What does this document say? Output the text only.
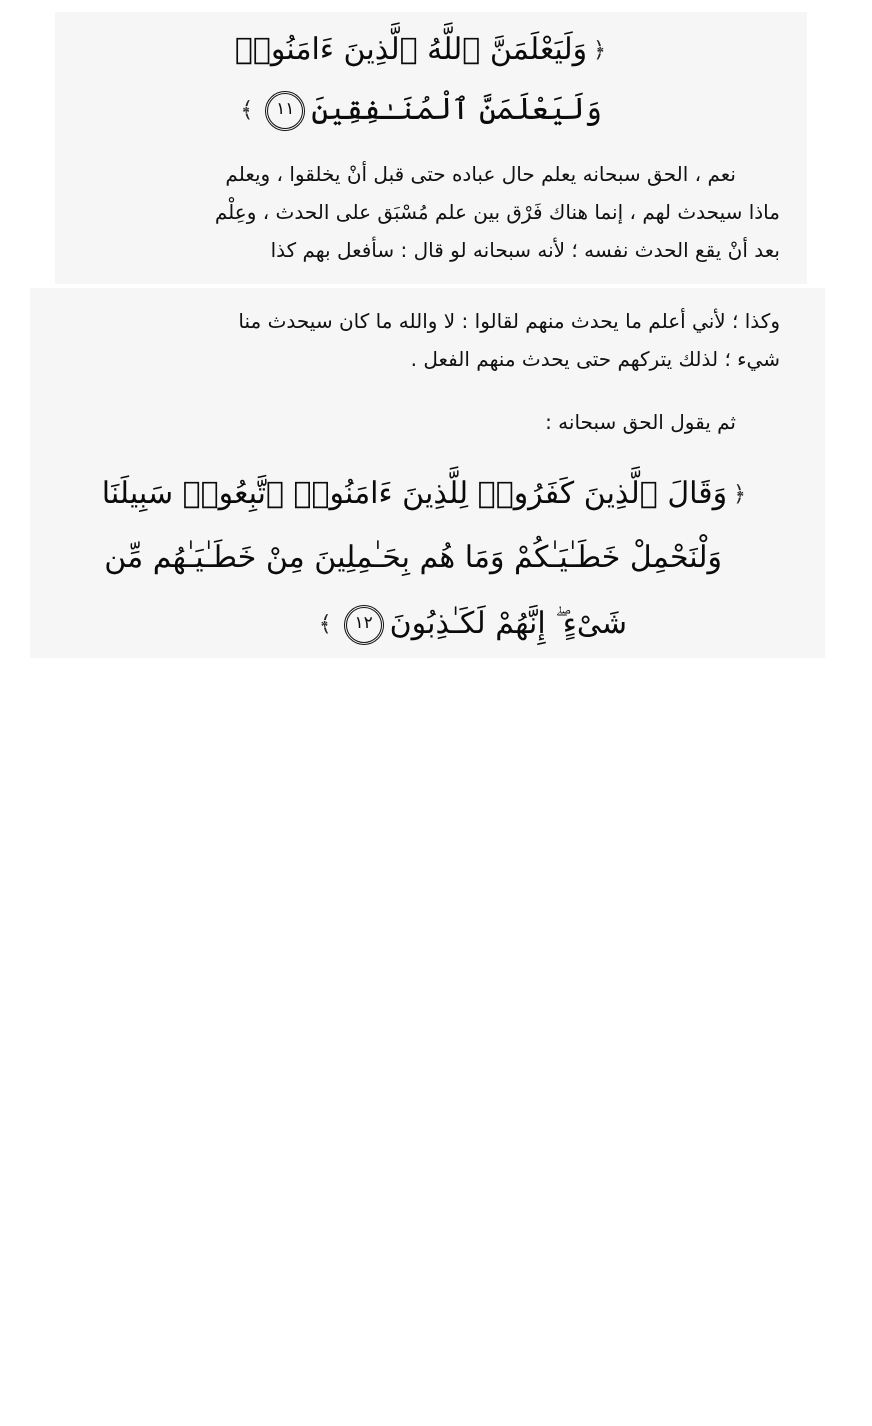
﴿وَلَيَعْلَمَنَّ ٱللَّهُ ٱلَّذِينَ ءَامَنُوا۟
وَلَيَعْلَمَنَّ ٱلْمُنَـٰفِقِينَ١١﴾
نعم ، الحق سبحانه يعلم حال عباده حتى قبل أنْ يخلقوا ، ويعلم
ماذا سيحدث لهم ، إنما هناك فَرْق بين علم مُسْبَق على الحدث ، وعِلْم
بعد أنْ يقع الحدث نفسه ؛ لأنه سبحانه لو قال : سأفعل بهم كذا
وكذا ؛ لأني أعلم ما يحدث منهم لقالوا : لا والله ما كان سيحدث منا
شيء ؛ لذلك يتركهم حتى يحدث منهم الفعل .
ثم يقول الحق سبحانه :
﴿وَقَالَ ٱلَّذِينَ كَفَرُوا۟ لِلَّذِينَ ءَامَنُوا۟ ٱتَّبِعُوا۟ سَبِيلَنَا
وَلْنَحْمِلْ خَطَـٰيَـٰكُمْ وَمَا هُم بِحَـٰمِلِينَ مِنْ خَطَـٰيَـٰهُم مِّن
شَىْءٍ ۖ إِنَّهُمْ لَكَـٰذِبُونَ١٢﴾
